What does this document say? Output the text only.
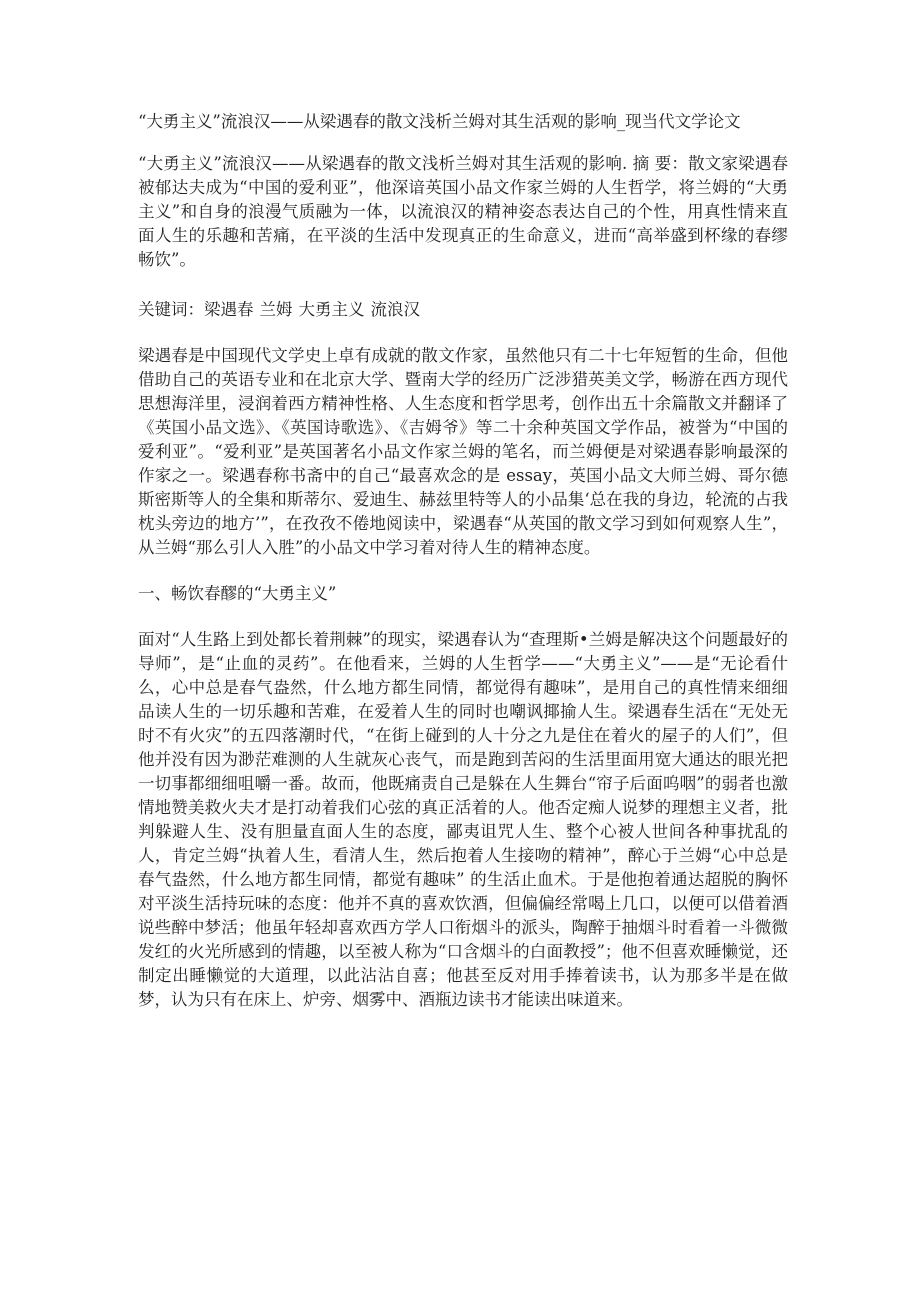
“大勇主义”流浪汉——从梁遇春的散文浅析兰姆对其生活观的影响_现当代文学论文

“大勇主义”流浪汉——从梁遇春的散文浅析兰姆对其生活观的影响. 摘 要：散文家梁遇春被郁达夫成为“中国的爱利亚”，他深谙英国小品文作家兰姆的人生哲学，将兰姆的“大勇主义”和自身的浪漫气质融为一体，以流浪汉的精神姿态表达自己的个性，用真性情来直面人生的乐趣和苦痛，在平淡的生活中发现真正的生命意义，进而“高举盛到杯缘的春缪畅饮”。

关键词：梁遇春 兰姆 大勇主义 流浪汉

梁遇春是中国现代文学史上卓有成就的散文作家，虽然他只有二十七年短暂的生命，但他借助自己的英语专业和在北京大学、暨南大学的经历广泛涉猎英美文学，畅游在西方现代思想海洋里，浸润着西方精神性格、人生态度和哲学思考，创作出五十余篇散文并翻译了《英国小品文选》、《英国诗歌选》、《吉姆爷》等二十余种英国文学作品，被誉为“中国的爱利亚”。“爱利亚”是英国著名小品文作家兰姆的笔名，而兰姆便是对梁遇春影响最深的作家之一。梁遇春称书斋中的自己“最喜欢念的是 essay，英国小品文大师兰姆、哥尔德斯密斯等人的全集和斯蒂尔、爱迪生、赫兹里特等人的小品集‘总在我的身边，轮流的占我枕头旁边的地方’”，在孜孜不倦地阅读中，梁遇春“从英国的散文学习到如何观察人生”，从兰姆“那么引人入胜”的小品文中学习着对待人生的精神态度。

一、畅饮春醪的“大勇主义”

面对“人生路上到处都长着荆棘”的现实，梁遇春认为“查理斯•兰姆是解决这个问题最好的导师”，是“止血的灵药”。在他看来，兰姆的人生哲学——“大勇主义”——是“无论看什么，心中总是春气盎然，什么地方都生同情，都觉得有趣味”，是用自己的真性情来细细品读人生的一切乐趣和苦难，在爱着人生的同时也嘲讽揶揄人生。梁遇春生活在“无处无时不有火灾”的五四落潮时代，“在街上碰到的人十分之九是住在着火的屋子的人们”，但他并没有因为渺茫难测的人生就灰心丧气，而是跑到苦闷的生活里面用宽大通达的眼光把一切事都细细咀嚼一番。故而，他既痛责自己是躲在人生舞台“帘子后面呜咽”的弱者也激情地赞美救火夫才是打动着我们心弦的真正活着的人。他否定痴人说梦的理想主义者，批判躲避人生、没有胆量直面人生的态度，鄙夷诅咒人生、整个心被人世间各种事扰乱的人，肯定兰姆“执着人生，看清人生，然后抱着人生接吻的精神”，醉心于兰姆“心中总是春气盎然，什么地方都生同情，都觉有趣味” 的生活止血术。于是他抱着通达超脱的胸怀对平淡生活持玩味的态度：他并不真的喜欢饮酒，但偏偏经常喝上几口，以便可以借着酒说些醉中梦活；他虽年轻却喜欢西方学人口衔烟斗的派头，陶醉于抽烟斗时看着一斗微微发红的火光所感到的情趣，以至被人称为“口含烟斗的白面教授”；他不但喜欢睡懒觉，还制定出睡懒觉的大道理，以此沾沾自喜；他甚至反对用手捧着读书，认为那多半是在做梦，认为只有在床上、炉旁、烟雾中、酒瓶边读书才能读出味道来。
